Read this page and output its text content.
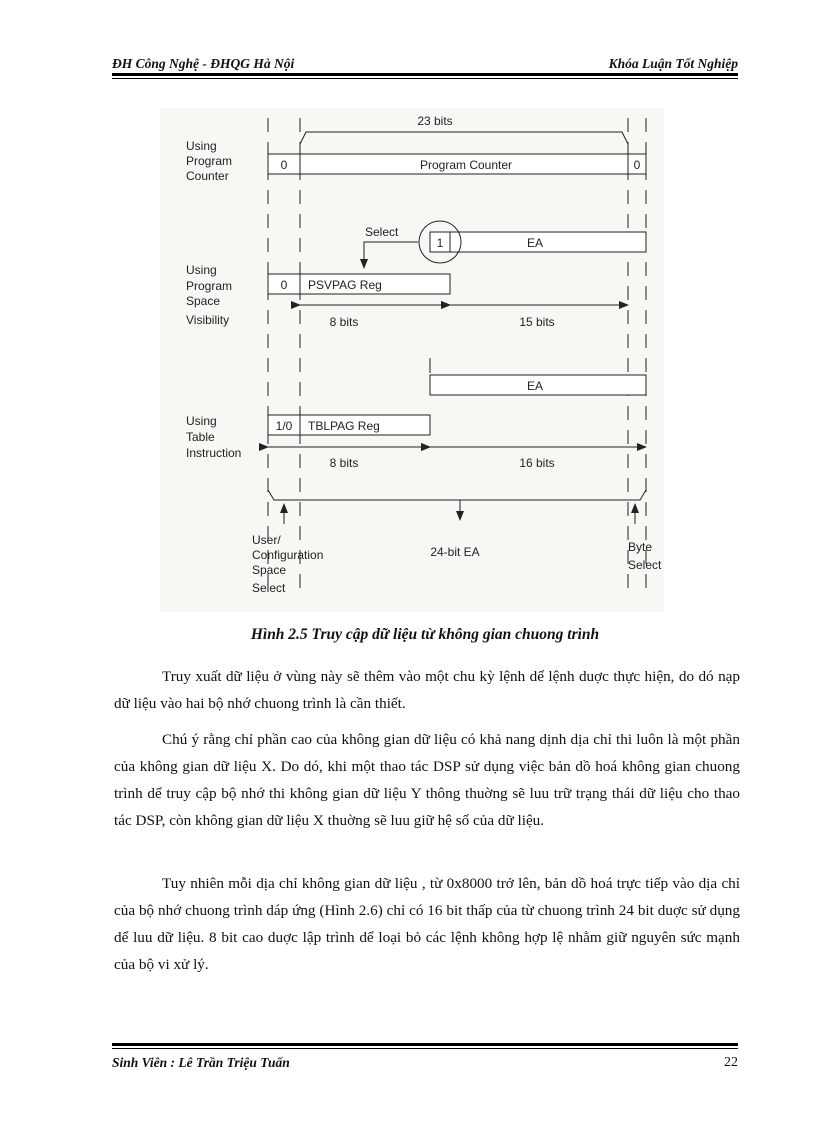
ĐH Công Nghệ - ĐHQG Hà Nội	Khóa Luận Tốt Nghiệp
23 bits
Using
Program
Counter
0	Program Counter	0
Select
1	EA
Using
Program
Space
Visibility
0 PSVPAG Reg
8 bits	15 bits
EA
Using
Table
Instruction
1/0 TBLPAG Reg
8 bits	16 bits
User/
Configuration
Space
Select
24-bit EA	Byte
Select
Hình 2.5 Truy cập dữ liệu từ không gian chuong trình

Truy xuất dữ liệu ở vùng này sẽ thêm vào một chu kỳ lệnh dể lệnh duợc thực hiện, do dó nạp dữ liệu vào hai bộ nhớ chuong trình là cần thiết.

Chú ý rằng chỉ phần cao của không gian dữ liệu có khả nang dịnh dịa chỉ thi luôn là một phần của không gian dữ liệu X. Do dó, khi một thao tác DSP sử dụng việc bản dồ hoá không gian chuong trình dể truy cập bộ nhớ thi không gian dữ liệu Y thông thuờng sẽ luu trữ trạng thái dữ liệu cho thao tác DSP, còn không gian dữ liệu X thuờng sẽ luu giữ hệ số của dữ liệu.

Tuy nhiên mỗi dịa chỉ không gian dữ liệu , từ 0x8000 trở lên, bản dồ hoá trực tiếp vào dịa chỉ của bộ nhớ chuong trình dáp ứng (Hình 2.6) chỉ có 16 bit thấp của từ chuong trình 24 bit duợc sử dụng dể luu dữ liệu. 8 bit cao duợc lập trình dể loại bỏ các lệnh không hợp lệ nhằm giữ nguyên sức mạnh của bộ vi xử lý.

Sinh Viên : Lê Trần Triệu Tuấn	22
